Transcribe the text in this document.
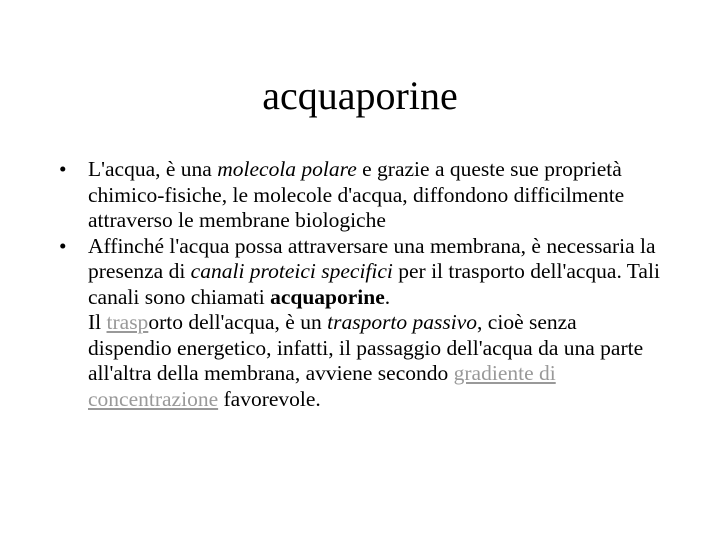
acquaporine
• L'acqua, è una molecola polare e grazie a queste sue proprietà chimico-fisiche, le molecole d'acqua, diffondono difficilmente attraverso le membrane biologiche
• Affinché l'acqua possa attraversare una membrana, è necessaria la presenza di canali proteici specifici per il trasporto dell'acqua. Tali canali sono chiamati acquaporine.
Il trasporto dell'acqua, è un trasporto passivo, cioè senza dispendio energetico, infatti, il passaggio dell'acqua da una parte all'altra della membrana, avviene secondo gradiente di concentrazione favorevole.
